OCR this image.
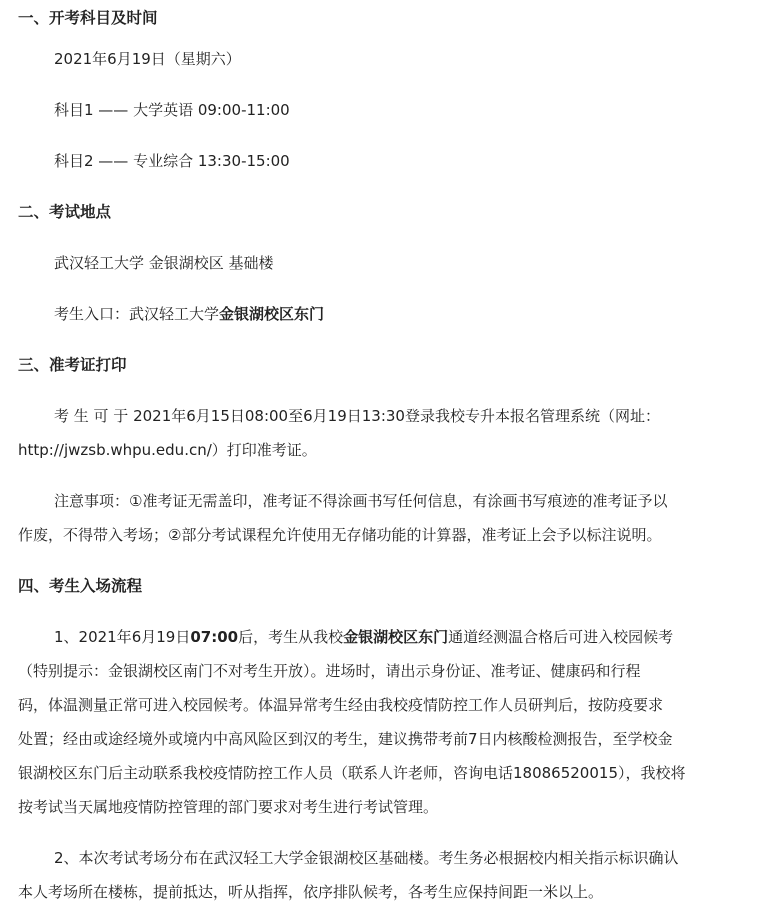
一、开考科目及时间
2021年6月19日（星期六）
科目1 —— 大学英语 09:00-11:00
科目2 —— 专业综合 13:30-15:00
二、考试地点
武汉轻工大学 金银湖校区 基础楼
考生入口：武汉轻工大学金银湖校区东门
三、准考证打印
考 生 可 于 2021年6月15日08:00至6月19日13:30登录我校专升本报名管理系统（网址：
http://jwzsb.whpu.edu.cn/）打印准考证。
注意事项：①准考证无需盖印，准考证不得涂画书写任何信息，有涂画书写痕迹的准考证予以
作废，不得带入考场；②部分考试课程允许使用无存储功能的计算器，准考证上会予以标注说明。
四、考生入场流程
1、2021年6月19日07:00后，考生从我校金银湖校区东门通道经测温合格后可进入校园候考
（特别提示：金银湖校区南门不对考生开放）。进场时，请出示身份证、准考证、健康码和行程
码，体温测量正常可进入校园候考。体温异常考生经由我校疫情防控工作人员研判后，按防疫要求
处置；经由或途经境外或境内中高风险区到汉的考生，建议携带考前7日内核酸检测报告，至学校金
银湖校区东门后主动联系我校疫情防控工作人员（联系人许老师，咨询电话18086520015），我校将
按考试当天属地疫情防控管理的部门要求对考生进行考试管理。
2、本次考试考场分布在武汉轻工大学金银湖校区基础楼。考生务必根据校内相关指示标识确认
本人考场所在楼栋，提前抵达，听从指挥，依序排队候考，各考生应保持间距一米以上。
